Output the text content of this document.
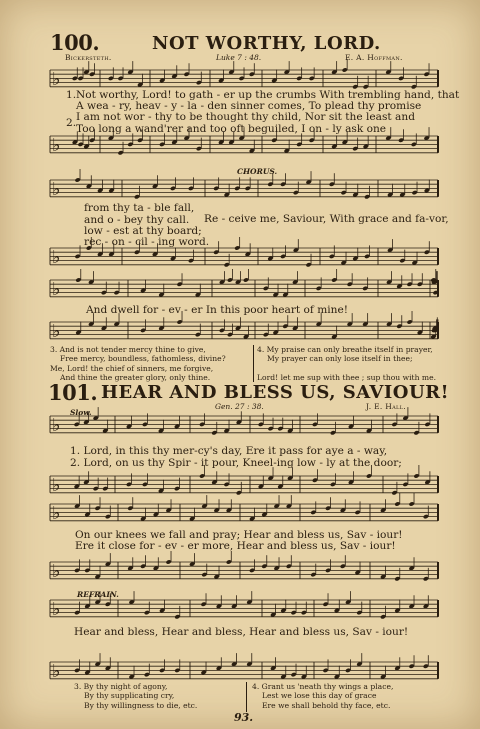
100.	NOT WORTHY, LORD.
Bickersteth.	Luke 7 : 48.	E. A. Hoffman.
♭
♭
1. Not worthy, Lord! to gath - er up the crumbs With trembling hand, that
A wea - ry, heav - y - la - den sinner comes, To plead thy promise
2. I am not wor - thy to be thought thy child, Nor sit the least and
Too long a wand'rer and too oft beguiled, I on - ly ask one
CHORUS.
♭
♭
from thy ta - ble fall,
and o - bey thy call.
low - est at thy board;
rec - on - cil - ing word.
Re - ceive me, Saviour, With grace and fa-vor,
♭
♭
And dwell for - ev - er In this poor heart of mine!
3. And is not tender mercy thine to give,
Free mercy, boundless, fathomless, divine?
Me, Lord! the chief of sinners, me forgive,
And thine the greater glory, only thine.
4. My praise can only breathe itself in prayer,
My prayer can only lose itself in thee;
Lord! let me sup with thee ; sup thou with me.
101. HEAR AND BLESS US, SAVIOUR!
Slow.
Gen. 27 : 38.	J. E. Hall.
♭
♭
1. Lord, in this thy mer-cy's day, Ere it pass for aye a - way,
2. Lord, on us thy Spir - it pour, Kneel-ing low - ly at the door;
♭
♭
On our knees we fall and pray; Hear and bless us, Sav - iour!
Ere it close for - ev - er more, Hear and bless us, Sav - iour!
REFRAIN.
♭
♭
Hear and bless, Hear and bless, Hear and bless us, Sav - iour!
3. By thy night of agony,
By thy supplicating cry,
By thy willingness to die, etc.
4. Grant us 'neath thy wings a place,
Lest we lose this day of grace
Ere we shall behold thy face, etc.
93.
